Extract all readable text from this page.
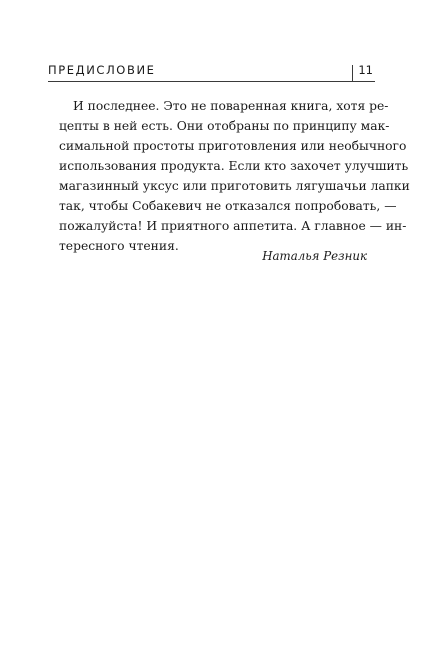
ПРЕДИСЛОВИЕ	11
И последнее. Это не поваренная книга, хотя ре-
цепты в ней есть. Они отобраны по принципу мак-
симальной простоты приготовления или необычного
использования продукта. Если кто захочет улучшить
магазинный уксус или приготовить лягушачьи лапки
так, чтобы Собакевич не отказался попробовать, —
пожалуйста! И приятного аппетита. А главное — ин-
тересного чтения.
Наталья Резник
